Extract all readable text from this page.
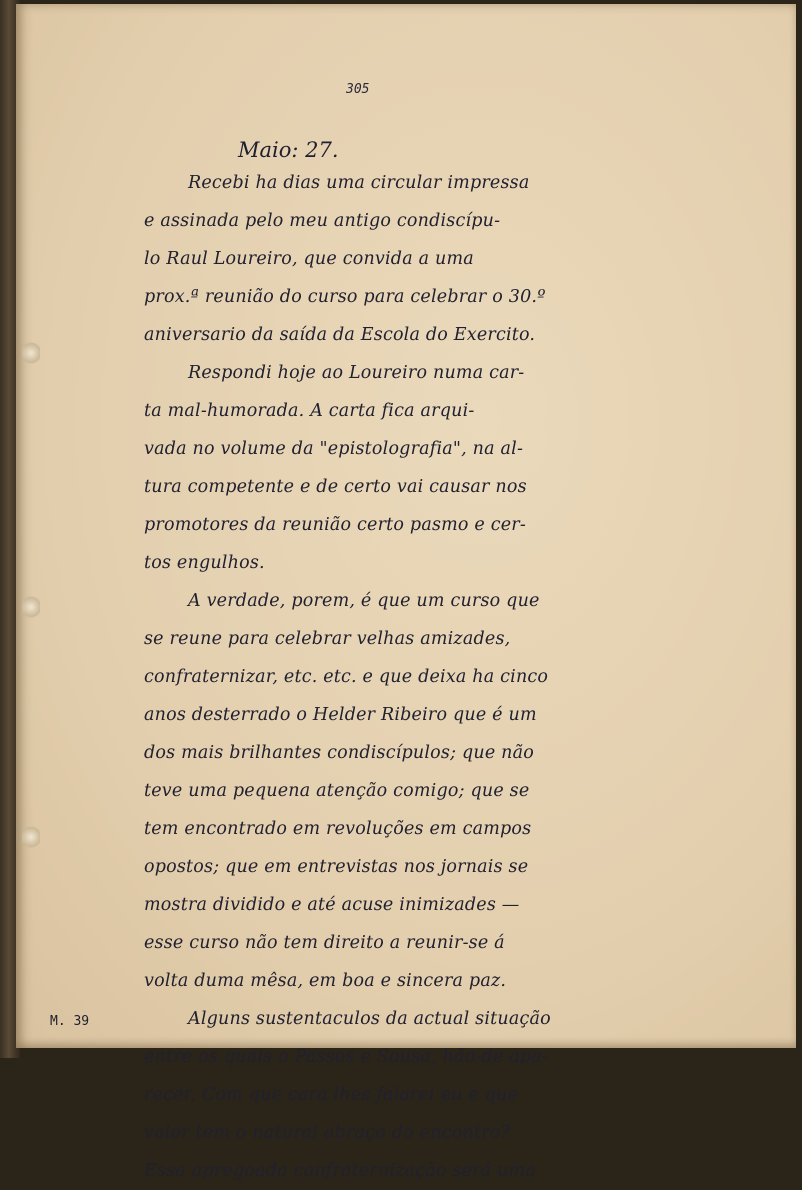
305
Maio: 27.
Recebi ha dias uma circular impressa
e assinada pelo meu antigo condiscípu-
lo Raul Loureiro, que convida a uma
prox.ª reunião do curso para celebrar o 30.º
aniversario da saída da Escola do Exercito.
Respondi hoje ao Loureiro numa car-
ta mal-humorada. A carta fica arqui-
vada no volume da "epistolografia", na al-
tura competente e de certo vai causar nos
promotores da reunião certo pasmo e cer-
tos engulhos.
A verdade, porem, é que um curso que
se reune para celebrar velhas amizades,
confraternizar, etc. etc. e que deixa ha cinco
anos desterrado o Helder Ribeiro que é um
dos mais brilhantes condiscípulos; que não
teve uma pequena atenção comigo; que se
tem encontrado em revoluções em campos
opostos; que em entrevistas nos jornais se
mostra dividido e até acuse inimizades —
esse curso não tem direito a reunir-se á
volta duma mêsa, em boa e sincera paz.
Alguns sustentaculos da actual situação
entre os quais o Passos e Sousa, hão-de apa-
recer. Com que cara lhes falarei eu e que
valor tem o natural abraço do encontro?
Essa apregoada confraternização será uma
M. 39
